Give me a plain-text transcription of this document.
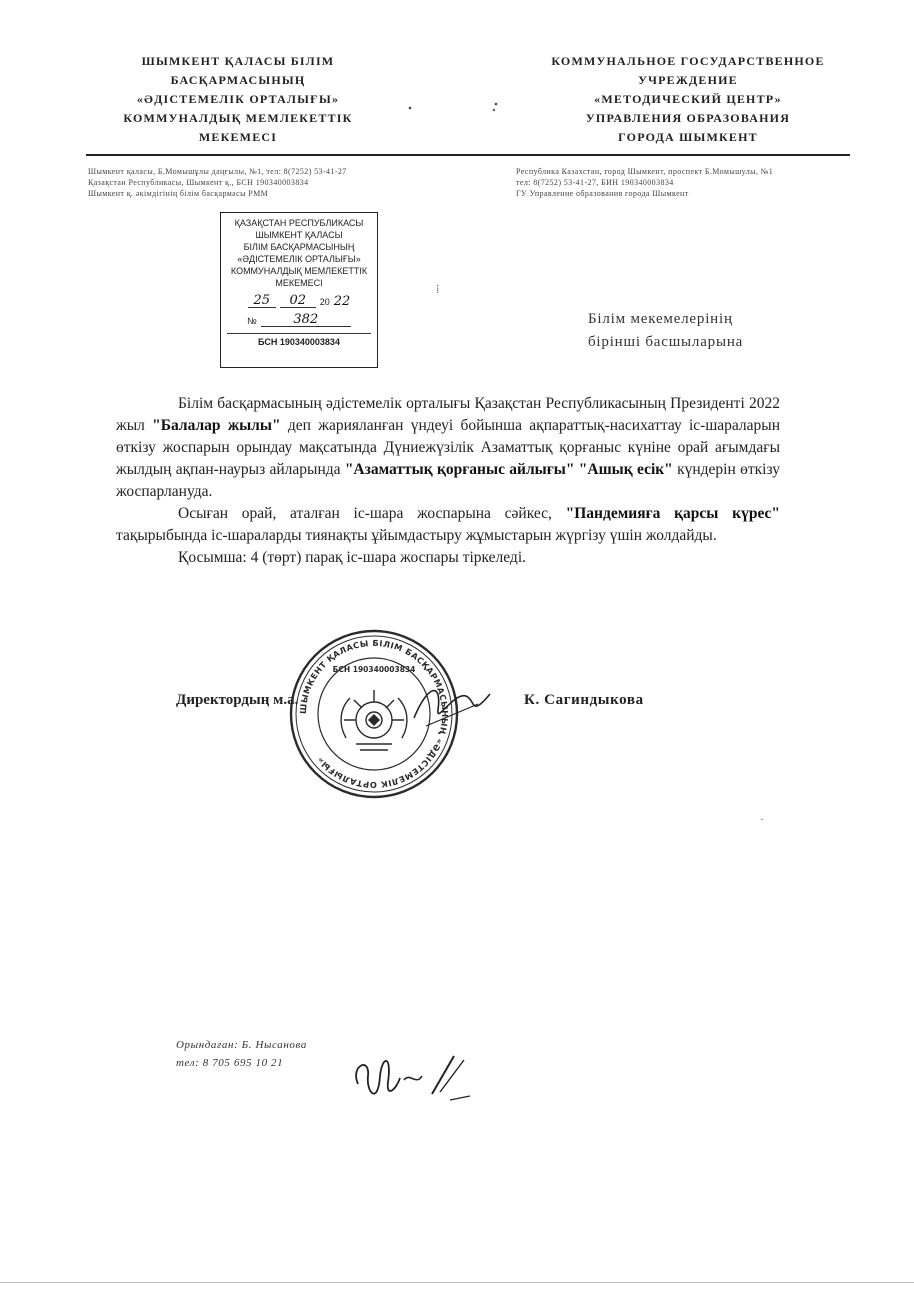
ШЫМКЕНТ ҚАЛАСЫ БІЛІМ
БАСҚАРМАСЫНЫҢ
«ӘДІСТЕМЕЛІК ОРТАЛЫҒЫ»
КОММУНАЛДЫҚ МЕМЛЕКЕТТІК
МЕКЕМЕСІ
КОММУНАЛЬНОЕ ГОСУДАРСТВЕННОЕ
УЧРЕЖДЕНИЕ
«МЕТОДИЧЕСКИЙ ЦЕНТР»
УПРАВЛЕНИЯ ОБРАЗОВАНИЯ
ГОРОДА ШЫМКЕНТ
Шымкент қаласы, Б.Момышұлы даңғылы, №1, тел: 8(7252) 53-41-27
Қазақстан Республикасы, Шымкент қ., БСН 190340003834
Шымкент қ. әкімдігінің білім басқармасы РММ
Республика Казахстан, город Шымкент, проспект Б.Момышулы, №1
тел: 8(7252) 53-41-27, БИН 190340003834
ГУ Управление образования города Шымкент
ҚАЗАҚСТАН РЕСПУБЛИКАСЫ
ШЫМКЕНТ ҚАЛАСЫ
БІЛІМ БАСҚАРМАСЫНЫҢ
«ӘДІСТЕМЕЛІК ОРТАЛЫҒЫ»
КОММУНАЛДЫҚ МЕМЛЕКЕТТІК
МЕКЕМЕСІ
25	02	20 22
№	382
БСН 190340003834
⁞
Білім мекемелерінің
бірінші басшыларына

Білім басқармасының әдістемелік орталығы Қазақстан Республикасының Президенті 2022 жыл "Балалар жылы" деп жарияланған үндеуі бойынша ақпараттық-насихаттау іс-шараларын өткізу жоспарын орындау мақсатында Дүниежүзілік Азаматтық қорғаныс күніне орай ағымдағы жылдың ақпан-наурыз айларында "Азаматтық қорғаныс айлығы" "Ашық есік" күндерін өткізу жоспарлануда.

Осыған орай, аталған іс-шара жоспарына сәйкес, "Пандемияға қарсы күрес" тақырыбында іс-шараларды тиянақты ұйымдастыру жұмыстарын жүргізу үшін жолдайды.

Қосымша: 4 (төрт) парақ іс-шара жоспары тіркеледі.

Директордың м.а.	К. Сагиндыкова
ШЫМКЕНТ ҚАЛАСЫ БІЛІМ БАСҚАРМАСЫНЫҢ «ӘДІСТЕМЕЛІК ОРТАЛЫҒЫ»
БСН 190340003834
·
Орындаған: Б. Нысанова
тел: 8 705 695 10 21
